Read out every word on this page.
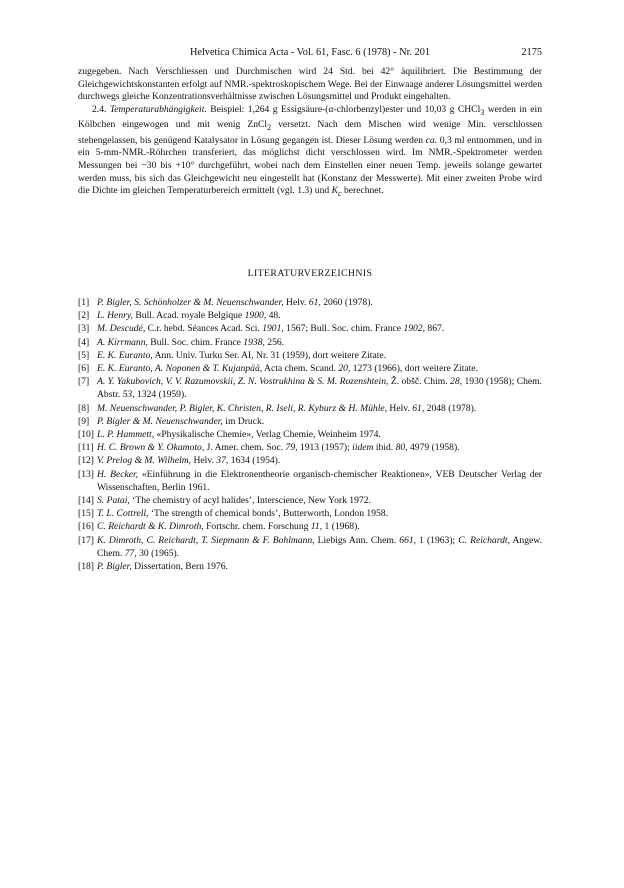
Helvetica Chimica Acta - Vol. 61, Fasc. 6 (1978) - Nr. 201	2175

zugegeben. Nach Verschliessen und Durchmischen wird 24 Std. bei 42° äquilibriert. Die Bestimmung der Gleichgewichtskonstanten erfolgt auf NMR.-spektroskopischem Wege. Bei der Einwaage anderer Lösungsmittel werden durchwegs gleiche Konzentrationsverhältnisse zwischen Lösungsmittel und Produkt eingehalten.

2.4. Temperaturabhängigkeit. Beispiel: 1,264 g Essigsäure-(α-chlorbenzyl)ester und 10,03 g CHCl$_3$ werden in ein Kölbchen eingewogen und mit wenig ZnCl$_2$ versetzt. Nach dem Mischen wird wenige Min. verschlossen stehengelassen, bis genügend Katalysator in Lösung gegangen ist. Dieser Lösung werden ca. 0,3 ml entnommen, und in ein 5-mm-NMR.-Röhrchen transferiert, das möglichst dicht verschlossen wird. Im NMR.-Spektrometer werden Messungen bei −30 bis +10° durchgeführt, wobei nach dem Einstellen einer neuen Temp. jeweils solange gewartet werden muss, bis sich das Gleichgewicht neu eingestellt hat (Konstanz der Messwerte). Mit einer zweiten Probe wird die Dichte im gleichen Temperaturbereich ermittelt (vgl. 1.3) und $K_c$ berechnet.

LITERATURVERZEICHNIS
[1] P. Bigler, S. Schönholzer & M. Neuenschwander, Helv. 61, 2060 (1978).
[2] L. Henry, Bull. Acad. royale Belgique 1900, 48.
[3] M. Descudé, C.r. hebd. Séances Acad. Sci. 1901, 1567; Bull. Soc. chim. France 1902, 867.
[4] A. Kirrmann, Bull. Soc. chim. France 1938, 256.
[5] E. K. Euranto, Ann. Univ. Turku Ser. AI, Nr. 31 (1959), dort weitere Zitate.
[6] E. K. Euranto, A. Noponen & T. Kujanpää, Acta chem. Scand. 20, 1273 (1966), dort weitere Zitate.
[7] A. Y. Yakubovich, V. V. Razumovskii, Z. N. Vostrukhina & S. M. Rozenshtein, Ž. obšč. Chim. 28, 1930 (1958); Chem. Abstr. 53, 1324 (1959).
[8] M. Neuenschwander, P. Bigler, K. Christen, R. Iseli, R. Kyburz & H. Mühle, Helv. 61, 2048 (1978).
[9] P. Bigler & M. Neuenschwander, im Druck.
[10] L. P. Hammett, «Physikalische Chemie», Verlag Chemie, Weinheim 1974.
[11] H. C. Brown & Y. Okamoto, J. Amer. chem. Soc. 79, 1913 (1957); iidem ibid. 80, 4979 (1958).
[12] V. Prelog & M. Wilhelm, Helv. 37, 1634 (1954).
[13] H. Becker, «Einführung in die Elektronentheorie organisch-chemischer Reaktionen», VEB Deutscher Verlag der Wissenschaften, Berlin 1961.
[14] S. Patai, ‘The chemistry of acyl halides’, Interscience, New York 1972.
[15] T. L. Cottrell, ‘The strength of chemical bonds’, Butterworth, London 1958.
[16] C. Reichardt & K. Dimroth, Fortschr. chem. Forschung 11, 1 (1968).
[17] K. Dimroth, C. Reichardt, T. Siepmann & F. Bohlmann, Liebigs Ann. Chem. 661, 1 (1963); C. Reichardt, Angew. Chem. 77, 30 (1965).
[18] P. Bigler, Dissertation, Bern 1976.
